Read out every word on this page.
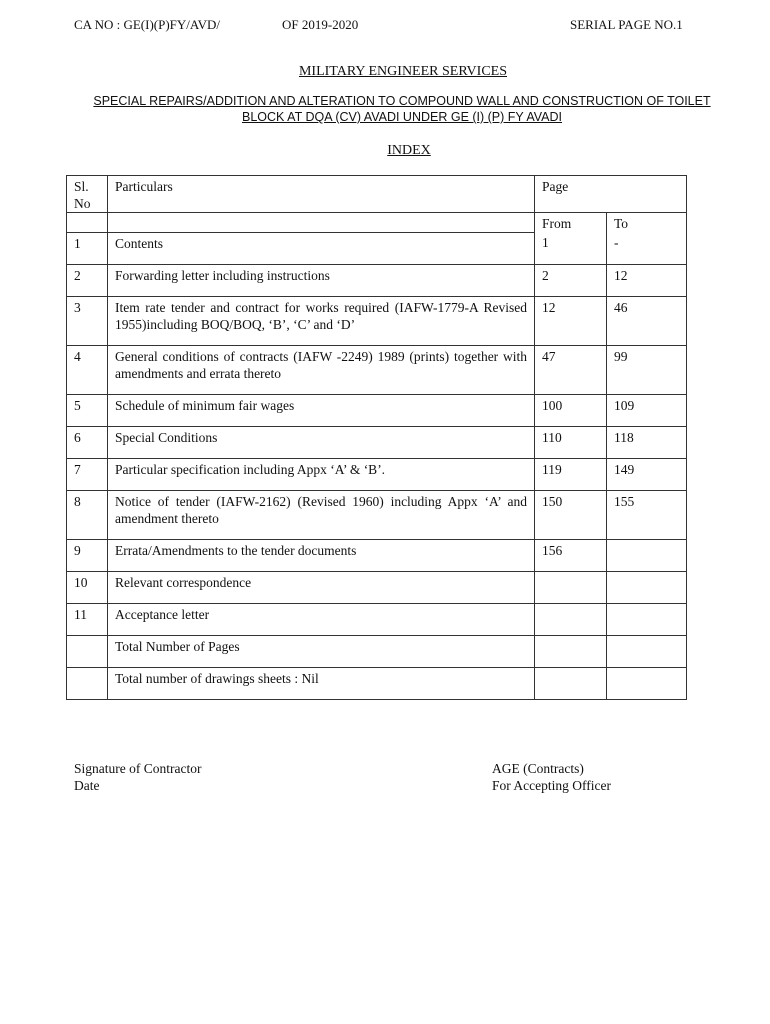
CA NO : GE(I)(P)FY/AVD/	OF 2019-2020	SERIAL PAGE NO.1
MILITARY ENGINEER SERVICES
SPECIAL REPAIRS/ADDITION AND ALTERATION TO COMPOUND WALL AND CONSTRUCTION OF TOILET BLOCK AT DQA (CV) AVADI UNDER GE (I) (P) FY AVADI
INDEX
Sl. No	Particulars	Page	
		From	To
1	Contents	1	-
2	Forwarding letter including instructions	2	12
3	Item rate tender and contract for works required (IAFW-1779-A Revised 1955)including BOQ/BOQ, ‘B’, ‘C’ and ‘D’	12	46
4	General conditions of contracts (IAFW -2249) 1989 (prints) together with amendments and errata thereto	47	99
5	Schedule of minimum fair wages	100	109
6	Special Conditions	110	118
7	Particular specification including Appx ‘A’ & ‘B’.	119	149
8	Notice of tender (IAFW-2162) (Revised 1960) including Appx ‘A’ and amendment thereto	150	155
9	Errata/Amendments to the tender documents	156	
10	Relevant correspondence		
11	Acceptance letter		
	Total Number of Pages		
	Total number of drawings sheets : Nil		
Signature of Contractor
Date
AGE (Contracts)
For Accepting Officer
